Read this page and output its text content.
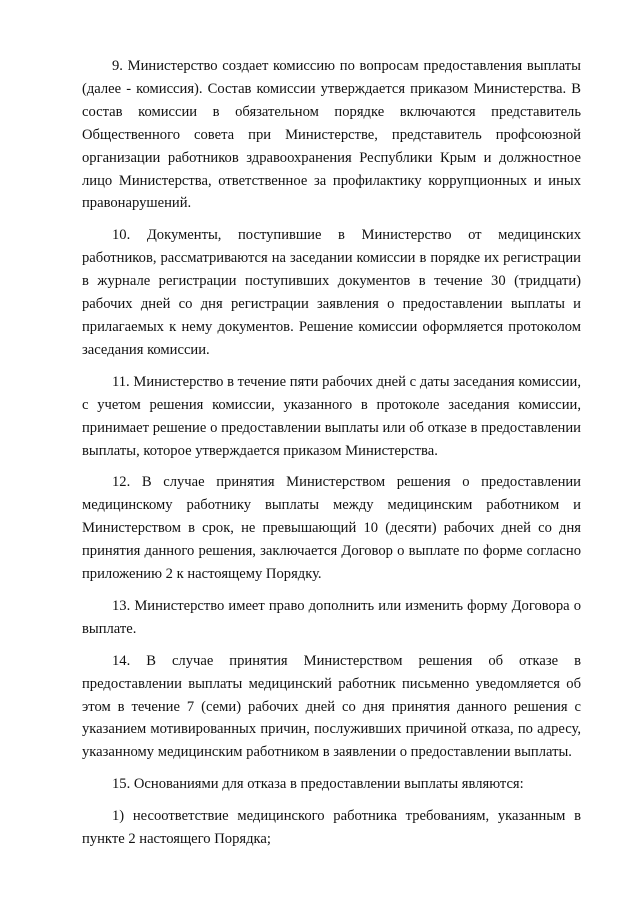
9. Министерство создает комиссию по вопросам предоставления выплаты (далее - комиссия). Состав комиссии утверждается приказом Министерства. В состав комиссии в обязательном порядке включаются представитель Общественного совета при Министерстве, представитель профсоюзной организации работников здравоохранения Республики Крым и должностное лицо Министерства, ответственное за профилактику коррупционных и иных правонарушений.

10. Документы, поступившие в Министерство от медицинских работников, рассматриваются на заседании комиссии в порядке их регистрации в журнале регистрации поступивших документов в течение 30 (тридцати) рабочих дней со дня регистрации заявления о предоставлении выплаты и прилагаемых к нему документов. Решение комиссии оформляется протоколом заседания комиссии.

11. Министерство в течение пяти рабочих дней с даты заседания комиссии, с учетом решения комиссии, указанного в протоколе заседания комиссии, принимает решение о предоставлении выплаты или об отказе в предоставлении выплаты, которое утверждается приказом Министерства.

12. В случае принятия Министерством решения о предоставлении медицинскому работнику выплаты между медицинским работником и Министерством в срок, не превышающий 10 (десяти) рабочих дней со дня принятия данного решения, заключается Договор о выплате по форме согласно приложению 2 к настоящему Порядку.

13. Министерство имеет право дополнить или изменить форму Договора о выплате.

14. В случае принятия Министерством решения об отказе в предоставлении выплаты медицинский работник письменно уведомляется об этом в течение 7 (семи) рабочих дней со дня принятия данного решения с указанием мотивированных причин, послуживших причиной отказа, по адресу, указанному медицинским работником в заявлении о предоставлении выплаты.

15. Основаниями для отказа в предоставлении выплаты являются:

1) несоответствие медицинского работника требованиям, указанным в пункте 2 настоящего Порядка;
